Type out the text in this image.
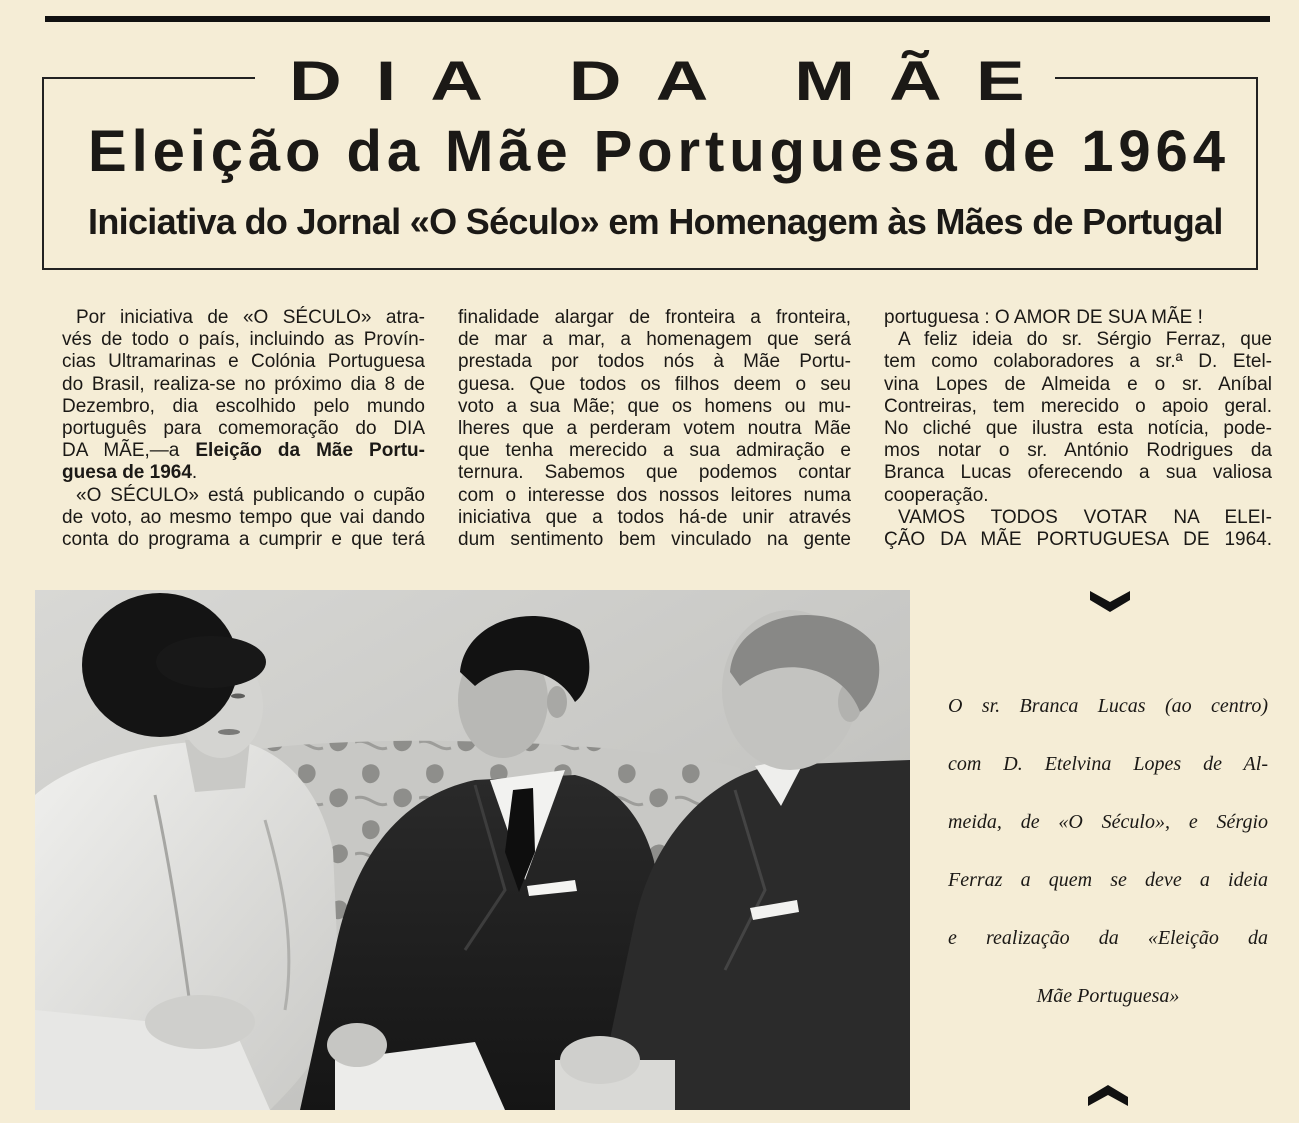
DIA DA MÃE
Eleição da Mãe Portuguesa de 1964
Iniciativa do Jornal «O Século» em Homenagem às Mães de Portugal
Por iniciativa de «O SÉCULO» atra-
vés de todo o país, incluindo as Provín-
cias Ultramarinas e Colónia Portuguesa
do Brasil, realiza-se no próximo dia 8 de
Dezembro, dia escolhido pelo mundo
português para comemoração do DIA
DA MÃE,—a Eleição da Mãe Portu-
guesa de 1964.
«O SÉCULO» está publicando o cupão
de voto, ao mesmo tempo que vai dando
conta do programa a cumprir e que terá
finalidade alargar de fronteira a fronteira,
de mar a mar, a homenagem que será
prestada por todos nós à Mãe Portu-
guesa. Que todos os filhos deem o seu
voto a sua Mãe; que os homens ou mu-
lheres que a perderam votem noutra Mãe
que tenha merecido a sua admiração e
ternura. Sabemos que podemos contar
com o interesse dos nossos leitores numa
iniciativa que a todos há-de unir através
dum sentimento bem vinculado na gente
portuguesa : O AMOR DE SUA MÃE !
A feliz ideia do sr. Sérgio Ferraz, que
tem como colaboradores a sr.ª D. Etel-
vina Lopes de Almeida e o sr. Aníbal
Contreiras, tem merecido o apoio geral.
No cliché que ilustra esta notícia, pode-
mos notar o sr. António Rodrigues da
Branca Lucas oferecendo a sua valiosa
cooperação.
VAMOS TODOS VOTAR NA ELEI-
ÇÃO DA MÃE PORTUGUESA DE 1964.
O sr. Branca Lucas (ao centro)
com D. Etelvina Lopes de Al-
meida, de «O Século», e Sérgio
Ferraz a quem se deve a ideia
e realização da «Eleição da
Mãe Portuguesa»
